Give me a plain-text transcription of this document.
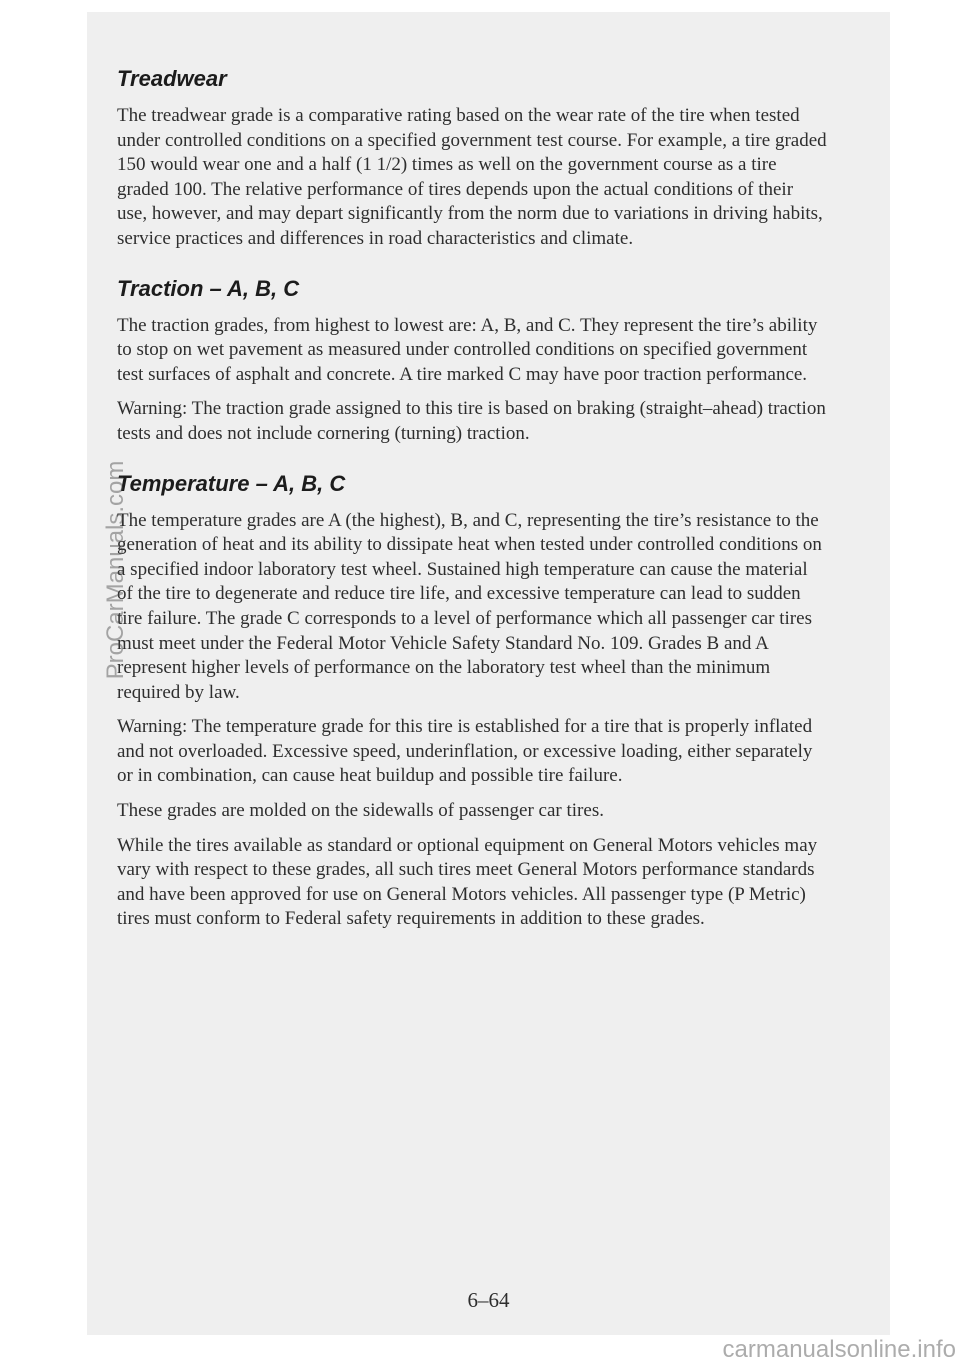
Treadwear

The treadwear grade is a comparative rating based on the wear rate of the tire when tested under controlled conditions on a specified government test course. For example, a tire graded 150 would wear one and a half (1 1/2) times as well on the government course as a tire graded 100. The relative performance of tires depends upon the actual conditions of their use, however, and may depart significantly from the norm due to variations in driving habits, service practices and differences in road characteristics and climate.

Traction – A, B, C

The traction grades, from highest to lowest are: A, B, and C. They represent the tire’s ability to stop on wet pavement as measured under controlled conditions on specified government test surfaces of asphalt and concrete. A tire marked C may have poor traction performance.

Warning: The traction grade assigned to this tire is based on braking (straight–ahead) traction tests and does not include cornering (turning) traction.

Temperature – A, B, C

The temperature grades are A (the highest), B, and C, representing the tire’s resistance to the generation of heat and its ability to dissipate heat when tested under controlled conditions on a specified indoor laboratory test wheel. Sustained high temperature can cause the material of the tire to degenerate and reduce tire life, and excessive temperature can lead to sudden tire failure. The grade C corresponds to a level of performance which all passenger car tires must meet under the Federal Motor Vehicle Safety Standard No. 109. Grades B and A represent higher levels of performance on the laboratory test wheel than the minimum required by law.

Warning: The temperature grade for this tire is established for a tire that is properly inflated and not overloaded. Excessive speed, underinflation, or excessive loading, either separately or in combination, can cause heat buildup and possible tire failure.

These grades are molded on the sidewalls of passenger car tires.

While the tires available as standard or optional equipment on General Motors vehicles may vary with respect to these grades, all such tires meet General Motors performance standards and have been approved for use on General Motors vehicles. All passenger type (P Metric) tires must conform to Federal safety requirements in addition to these grades.

6–64
ProCarManuals.com
carmanualsonline.info
